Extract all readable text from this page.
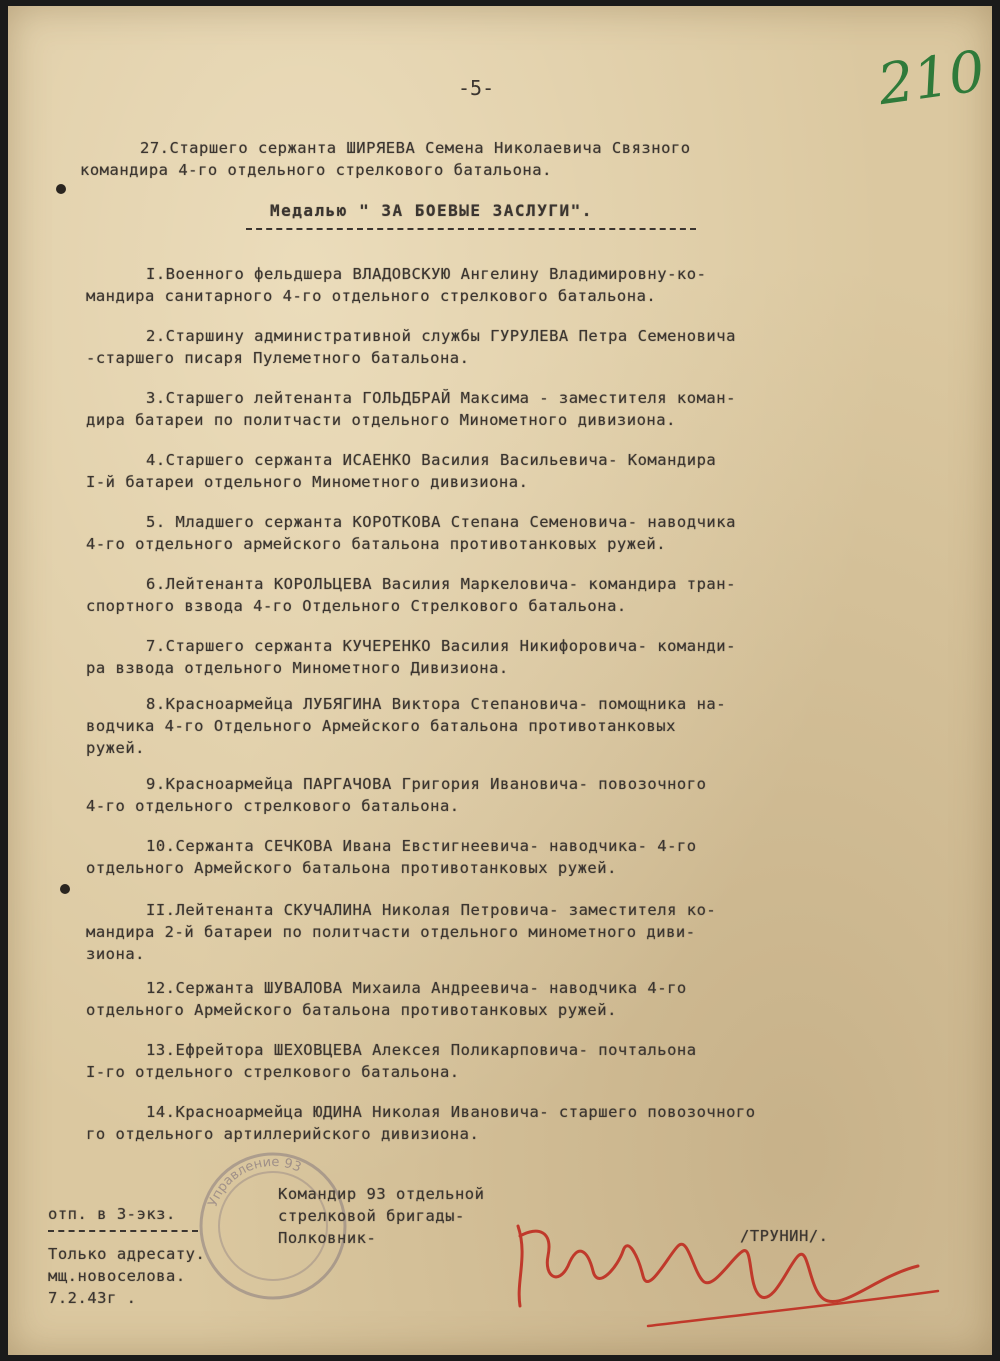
-5-	210
27.Старшего сержанта ШИРЯЕВА Семена Николаевича Связного
командира 4-го отдельного стрелкового батальона.
Медалью " ЗА БОЕВЫЕ ЗАСЛУГИ".
I.Военного фельдшера ВЛАДОВСКУЮ Ангелину Владимировну-ко-
мандира санитарного 4-го отдельного стрелкового батальона.
2.Старшину административной службы ГУРУЛЕВА Петра Семеновича
-старшего писаря Пулеметного батальона.
3.Старшего лейтенанта ГОЛЬДБРАЙ Максима - заместителя коман-
дира батареи по политчасти отдельного Минометного дивизиона.
4.Старшего сержанта ИСАЕНКО Василия Васильевича- Командира
I-й батареи отдельного Минометного дивизиона.
5. Младшего сержанта КОРОТКОВА Степана Семеновича- наводчика
4-го отдельного армейского батальона противотанковых ружей.
6.Лейтенанта КОРОЛЬЦЕВА Василия Маркеловича- командира тран-
спортного взвода 4-го Отдельного Стрелкового батальона.
7.Старшего сержанта КУЧЕРЕНКО Василия Никифоровича- команди-
ра взвода отдельного Минометного Дивизиона.
8.Красноармейца ЛУБЯГИНА Виктора Степановича- помощника на-
водчика 4-го Отдельного Армейского батальона противотанковых
ружей.
9.Красноармейца ПАРГАЧОВА Григория Ивановича- повозочного
4-го отдельного стрелкового батальона.
10.Сержанта СЕЧКОВА Ивана Евстигнеевича- наводчика- 4-го
отдельного Армейского батальона противотанковых ружей.
II.Лейтенанта СКУЧАЛИНА Николая Петровича- заместителя ко-
мандира 2-й батареи по политчасти отдельного минометного диви-
зиона.
12.Сержанта ШУВАЛОВА Михаила Андреевича- наводчика 4-го
отдельного Армейского батальона противотанковых ружей.
13.Ефрейтора ШЕХОВЦЕВА Алексея Поликарповича- почтальона
I-го отдельного стрелкового батальона.
14.Красноармейца ЮДИНА Николая Ивановича- старшего повозочного
го отдельного артиллерийского дивизиона.
Управление 93
Командир 93 отдельной
стрелковой бригады-
Полковник-	/ТРУНИН/.
отп. в 3-экз.
Только адресату.
мщ.новоселова.
7.2.43г .
